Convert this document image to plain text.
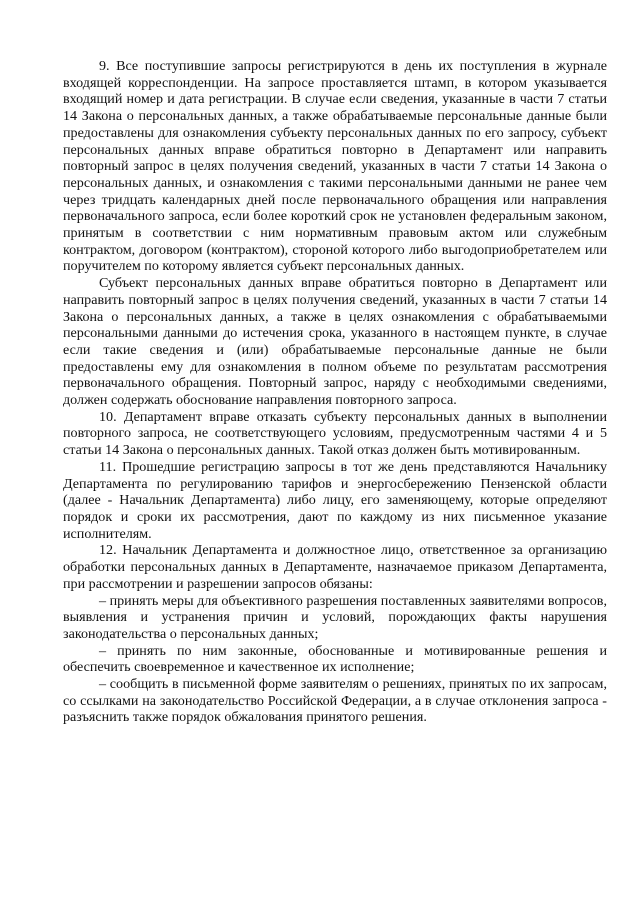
9. Все поступившие запросы регистрируются в день их поступления в журнале входящей корреспонденции. На запросе проставляется штамп, в котором указывается входящий номер и дата регистрации. В случае если сведения, указанные в части 7 статьи 14 Закона о персональных данных, а также обрабатываемые персональные данные были предоставлены для ознакомления субъекту персональных данных по его запросу, субъект персональных данных вправе обратиться повторно в Департамент или направить повторный запрос в целях получения сведений, указанных в части 7 статьи 14 Закона о персональных данных, и ознакомления с такими персональными данными не ранее чем через тридцать календарных дней после первоначального обращения или направления первоначального запроса, если более короткий срок не установлен федеральным законом, принятым в соответствии с ним нормативным правовым актом или служебным контрактом, договором (контрактом), стороной которого либо выгодоприобретателем или поручителем по которому является субъект персональных данных.

Субъект персональных данных вправе обратиться повторно в Департамент или направить повторный запрос в целях получения сведений, указанных в части 7 статьи 14 Закона о персональных данных, а также в целях ознакомления с обрабатываемыми персональными данными до истечения срока, указанного в настоящем пункте, в случае если такие сведения и (или) обрабатываемые персональные данные не были предоставлены ему для ознакомления в полном объеме по результатам рассмотрения первоначального обращения. Повторный запрос, наряду с необходимыми сведениями, должен содержать обоснование направления повторного запроса.

10. Департамент вправе отказать субъекту персональных данных в выполнении повторного запроса, не соответствующего условиям, предусмотренным частями 4 и 5 статьи 14 Закона о персональных данных. Такой отказ должен быть мотивированным.

11. Прошедшие регистрацию запросы в тот же день представляются Начальнику Департамента по регулированию тарифов и энергосбережению Пензенской области (далее - Начальник Департамента) либо лицу, его заменяющему, которые определяют порядок и сроки их рассмотрения, дают по каждому из них письменное указание исполнителям.

12. Начальник Департамента и должностное лицо, ответственное за организацию обработки персональных данных в Департаменте, назначаемое приказом Департамента, при рассмотрении и разрешении запросов обязаны:

– принять меры для объективного разрешения поставленных заявителями вопросов, выявления и устранения причин и условий, порождающих факты нарушения законодательства о персональных данных;

– принять по ним законные, обоснованные и мотивированные решения и обеспечить своевременное и качественное их исполнение;

– сообщить в письменной форме заявителям о решениях, принятых по их запросам, со ссылками на законодательство Российской Федерации, а в случае отклонения запроса - разъяснить также порядок обжалования принятого решения.
